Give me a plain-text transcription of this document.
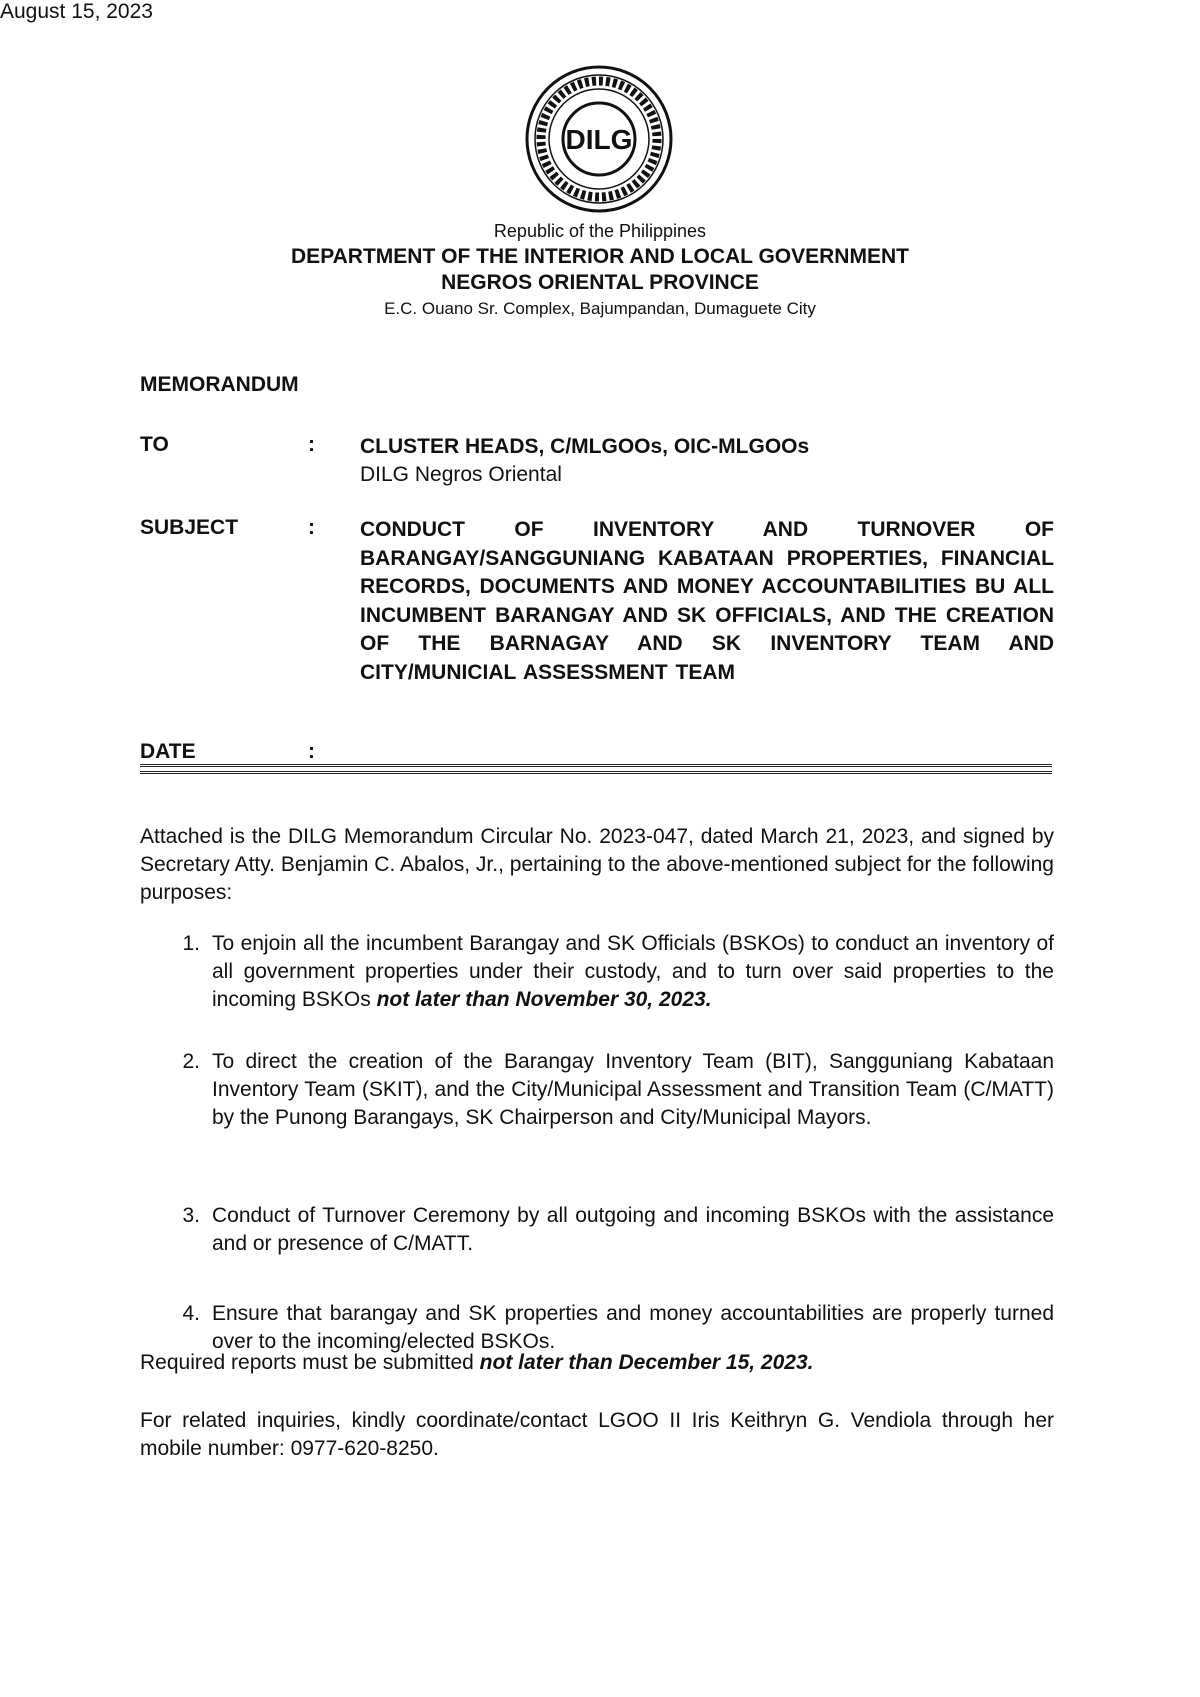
DILG
Republic of the Philippines
DEPARTMENT OF THE INTERIOR AND LOCAL GOVERNMENT
NEGROS ORIENTAL PROVINCE
E.C. Ouano Sr. Complex, Bajumpandan, Dumaguete City
MEMORANDUM
TO	: CLUSTER HEADS, C/MLGOOs, OIC-MLGOOs
DILG Negros Oriental
SUBJECT	: CONDUCT OF INVENTORY AND TURNOVER OF BARANGAY/SANGGUNIANG KABATAAN PROPERTIES, FINANCIAL RECORDS, DOCUMENTS AND MONEY ACCOUNTABILITIES BU ALL INCUMBENT BARANGAY AND SK OFFICIALS, AND THE CREATION OF THE BARNAGAY AND SK INVENTORY TEAM AND CITY/MUNICIAL ASSESSMENT TEAM
DATE	:
August 15, 2023
Attached is the DILG Memorandum Circular No. 2023-047, dated March 21, 2023, and signed by Secretary Atty. Benjamin C. Abalos, Jr., pertaining to the above-mentioned subject for the following purposes:
1. To enjoin all the incumbent Barangay and SK Officials (BSKOs) to conduct an inventory of all government properties under their custody, and to turn over said properties to the incoming BSKOs not later than November 30, 2023.
2. To direct the creation of the Barangay Inventory Team (BIT), Sangguniang Kabataan Inventory Team (SKIT), and the City/Municipal Assessment and Transition Team (C/MATT) by the Punong Barangays, SK Chairperson and City/Municipal Mayors.
3. Conduct of Turnover Ceremony by all outgoing and incoming BSKOs with the assistance and or presence of C/MATT.
4. Ensure that barangay and SK properties and money accountabilities are properly turned over to the incoming/elected BSKOs.
Required reports must be submitted not later than December 15, 2023.
For related inquiries, kindly coordinate/contact LGOO II Iris Keithryn G. Vendiola through her mobile number: 0977-620-8250.
